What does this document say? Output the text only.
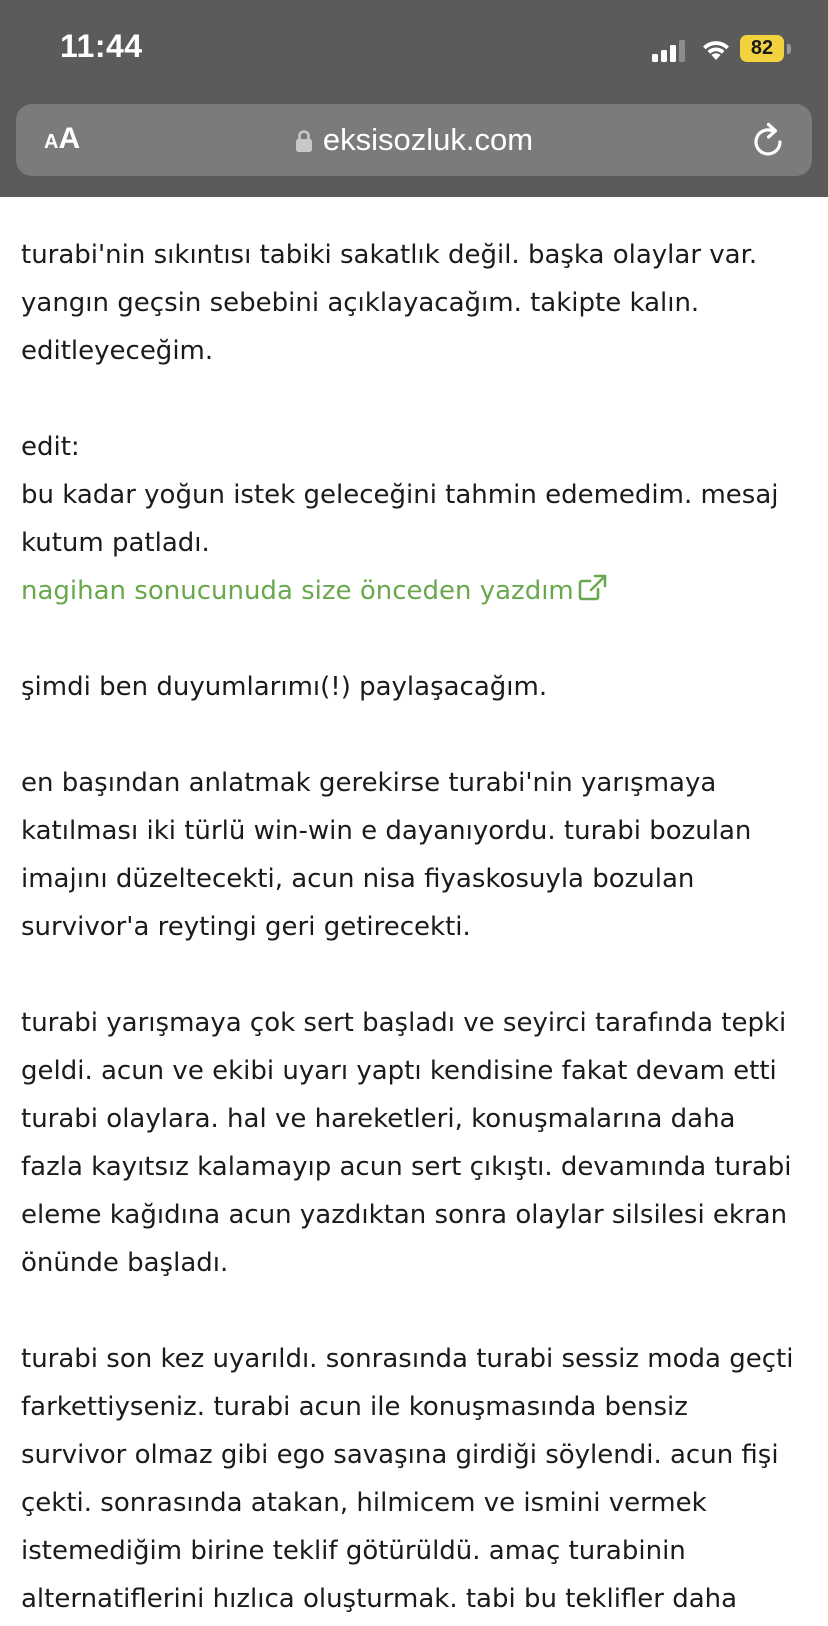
11:44	82
eksisozluk.com
AA
turabi'nin sıkıntısı tabiki sakatlık değil. başka olaylar var.
yangın geçsin sebebini açıklayacağım. takipte kalın.
editleyeceğim.
edit:
bu kadar yoğun istek geleceğini tahmin edemedim. mesaj
kutum patladı.
nagihan sonucunuda size önceden yazdım
şimdi ben duyumlarımı(!) paylaşacağım.
en başından anlatmak gerekirse turabi'nin yarışmaya
katılması iki türlü win-win e dayanıyordu. turabi bozulan
imajını düzeltecekti, acun nisa fiyaskosuyla bozulan
survivor'a reytingi geri getirecekti.
turabi yarışmaya çok sert başladı ve seyirci tarafında tepki
geldi. acun ve ekibi uyarı yaptı kendisine fakat devam etti
turabi olaylara. hal ve hareketleri, konuşmalarına daha
fazla kayıtsız kalamayıp acun sert çıkıştı. devamında turabi
eleme kağıdına acun yazdıktan sonra olaylar silsilesi ekran
önünde başladı.
turabi son kez uyarıldı. sonrasında turabi sessiz moda geçti
farkettiyseniz. turabi acun ile konuşmasında bensiz
survivor olmaz gibi ego savaşına girdiği söylendi. acun fişi
çekti. sonrasında atakan, hilmicem ve ismini vermek
istemediğim birine teklif götürüldü. amaç turabinin
alternatiflerini hızlıca oluşturmak. tabi bu teklifler daha
